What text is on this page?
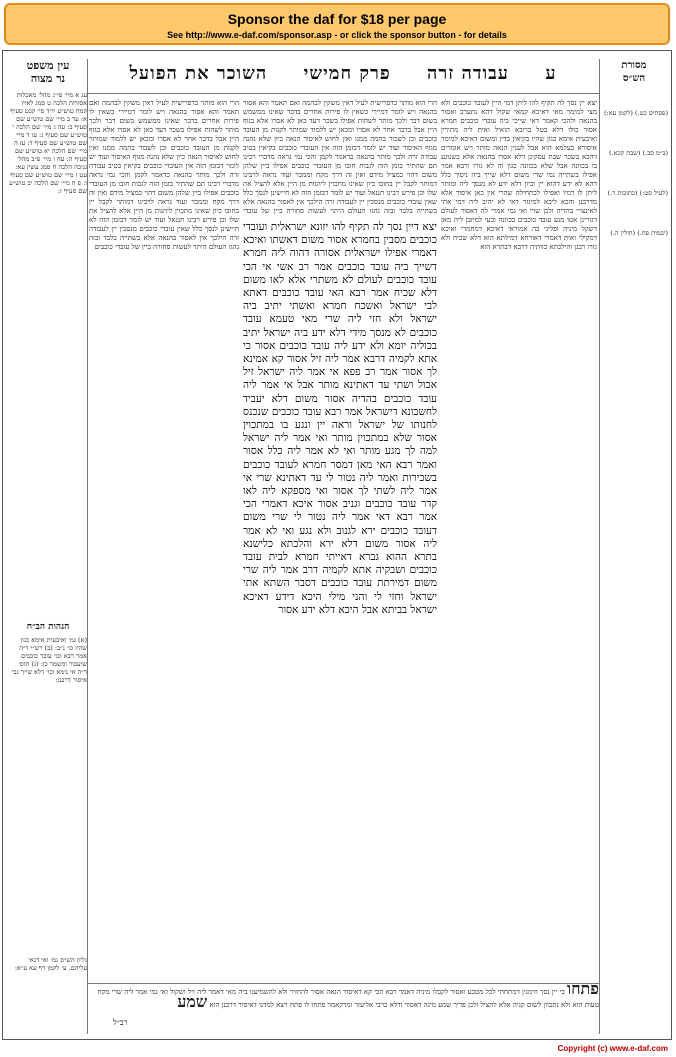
Sponsor the daf for $18 per page
See http://www.e-daf.com/sponsor.asp - or click the sponsor button - for details
עין משפט
נר מצוה
עג א מיי׳ פי״ג מהל׳ מאכלות אסורות הלכה ט סמג לאוין קמח טוש״ע יו״ד סי׳ קכט סעיף א: עד ב מיי׳ שם טוש״ע שם סעיף ב: עה ג מיי׳ שם הלכה י טוש״ע שם סעיף ג: עו ד מיי׳ שם טוש״ע שם סעיף ד: עז ה מיי׳ שם הלכה יא טוש״ע שם סעיף ה: עח ו מיי׳ פ״ב מהל׳ גניבה הלכה ח סמג עשין עא: עט ז מיי׳ שם טוש״ע שם סעיף ו: פ ח מיי׳ שם הלכה יב טוש״ע שם סעיף ז:
הגהות הב״ח
(א) גמ׳ ואיבעית אימא כגון שהיו כו׳ נ״ב: (ב) רש״י ד״ה אמר רבא וכו׳ עובד כוכבים שיעבור ומשמר כן: (ג) תוס׳ ד״ה אי נימא וכו׳ דלא שייך גבי איסור דרבנן:
גליון הש״ס גמ׳ ואי דנאי עליהם. ע׳ לקמן דף עא ע״א:
ע     עבודה זרה     פרק חמישי     השוכר את הפועל
הרי הוא מותר כדפרישית לעיל דאין משקין לבהמה ואם תאמר והא אסור בהנאה ויש לומר דמיירי כשאין לו פירות אחרים בדבר שאינו ממשמש בשום דבר ולכך מותר לשהות אפילו בשכר דעד כאן לא אסרו אלא בגוף היין אבל בדבר אחר לא אסרו ומכאן יש ללמוד שמותר לקנות מן העובד כוכבים וכן לשכור בהמה ממנו ואין לחוש לאיסור הנאה כיון שלא נהנה מגוף האיסור ועוד יש לומר דבזמן הזה אין העובדי כוכבים בקיאין בטיב עבודה זרה ולכך מותר בהנאה כדאמר לקמן והכי נמי נראה מדברי רבינו תם שהתיר בזמן הזה לגבות חובו מן העובדי כוכבים אפילו ביין שלהן משום דהוי כמציל מידם ואין זה דרך מקח וממכר ועוד נראה לרבינו דמותר לקבל יין בחובו כיון שאינו מתכוין ליהנות מן היין אלא להציל את שלו וכן פירש רבינו חננאל ועוד יש לומר דבזמן הזה לא חיישינן לנסך כלל שאין עובדי כוכבים מנסכין יין לעבודה זרה הילכך אין לאסור בהנאה אלא בשתייה בלבד ובזה נהגו העולם היתר לעשות סחורה ביין של עובדי כוכבים
הרי הוא מותר כדפרישית לעיל דאין משקין לבהמה ואם תאמר והא אסור בהנאה ויש לומר דמיירי כשאין לו פירות אחרים בדבר שאינו ממשמש בשום דבר ולכך מותר לשהות אפילו בשכר דעד כאן לא אסרו אלא בגוף היין אבל בדבר אחר לא אסרו ומכאן יש ללמוד שמותר לקנות מן העובד כוכבים וכן לשכור בהמה ממנו ואין לחוש לאיסור הנאה כיון שלא נהנה מגוף האיסור ועוד יש לומר דבזמן הזה אין העובדי כוכבים בקיאין בטיב עבודה זרה ולכך מותר בהנאה כדאמר לקמן והכי נמי נראה מדברי רבינו תם שהתיר בזמן הזה לגבות חובו מן העובדי כוכבים אפילו ביין שלהן משום דהוי כמציל מידם ואין זה דרך מקח וממכר ועוד נראה לרבינו דמותר לקבל יין בחובו כיון שאינו מתכוין ליהנות מן היין אלא להציל את שלו וכן פירש רבינו חננאל ועוד יש לומר דבזמן הזה לא חיישינן לנסך כלל שאין עובדי כוכבים מנסכין יין לעבודה זרה הילכך אין לאסור בהנאה אלא בשתייה בלבד ובזה נהגו העולם היתר לעשות סחורה ביין של עובדי
יצא דיין נסך לה תקיף להו יזונא ישראלית ועובדי כוכבים מסבין בחמרא אסור משום דאשתו ואיכא דאמרי אפילו ישראלית אסורה דהוה ליה חמרא דשייך ביה עובד כוכבים אמר רב אשי אי הכי עובד כוכבים לעולם לא משתרי אלא לאו משום דלא שכיח אמר רבא האי עובד כוכבים דאתא לבי ישראל ואשכח חמרא ואשתי יתיב ביה ישראל ולא חזי ליה שרי מאי טעמא עובד כוכבים לא מנסך מידי דלא ידע ביה ישראל יתיב בכוליה יומא ולא ידע ליה עובד כוכבים אסור כי אתא לקמיה דרבא אמר ליה זיל אסור קא אמינא לך אסור אמר רב פפא אי אמר ליה ישראל זיל אכול ושתי עד דאתינא מותר אבל אי אמר ליה עובד כוכבים בהדיה אסור משום דלא יעביד לחשבונא דישראל אמר רבא עובד כוכבים שנכנס לחנותו של ישראל וראה יין ונגע בו במתכוין אסור שלא במתכוין מותר ואי אמר ליה ישראל למה לך מגע מותר ואי לא אמר ליה כלל אסור ואמר רבא האי מאן דמסר חמרא לעובד כוכבים בשכירות ואמר ליה נטור לי עד דאתינא שרי אי אמר ליה לשתי לך אסור ואי מספקא ליה לאו קדר עובד כוכבים וגניב אסור איכא דאמרי הכי אמר רבא דאי אמר ליה נטור לי שרי משום דעובד כוכבים ירא לגנוב ולא נגע ואי לא אמר ליה אסור משום דלא ירא והלכתא כלישנא בתרא ההוא גברא דאייתי חמרא לבית עובד כוכבים ושבקיה אתא לקמיה דרב אמר ליה שרי משום דמירתת עובד כוכבים דסבר השתא אתי ישראל וחזי לי והני מילי היכא דידע דאיכא ישראל בביתא אבל היכא דלא ידע אסור
יצא יין נסך לה תקיף להו ליתן דמי היין לעובד כוכבים ולא מצי למימר מאי דאיכא קמאי שקול דהא נתערב ואסור בהנאה ולהכי קאמר דאי שייכי ביה עובדי כוכבים חמרא אסור כולו דלא בטל ברובא הואיל ואית ליה מתירין ואיבעית אימא כגון שהיו בקיאין בדין ומשום דאיכא למימר איסורא בעלמא הוא אבל לענין הנאה מותר ויש אומרים דהכא בשכר שבת עסקינן דלא אסרו בהנאה אלא כשנוגע בו בכוונה אבל שלא בכוונה כגון זה לא גזרו ורבא אמר אפילו בשתייה נמי שרי משום דלא שייך ביה ניסוך כלל דהא לא ידע דהוא יין וכיון דלא ידע לא מנסך ליה ומותר ליתן לו דמיו ואפילו לכתחילה שהרי אין כאן איסור אלא מדרבנן והכא ליכא למיגזר דאי לא יהיב ליה דמי אתי לאינצויי בהדיה ולכן שרי ואי נמי אמרי לה דאסור לעולם דגזרינן אטו מגע עובד כוכבים בכוונה ובעי למיזבן ליה מאן דשקל מיניה ופליגי בה אמוראי דאיכא דמחמרי ואיכא דמקילי ואית דאמרי דאורחא דמילתא הוא דלא שכיח ולא גזרו רבנן והילכתא כוותיה דרבא דבתרא הוא
מסורת
הש״ס
(פסחים כט.) (לקמן עא:) (ב״מ סב.) (שבת קכא.) (לעיל סט:) (כתובות ד.) (יבמות פח.) (חולין ה.)
פתחו בי יין נסך וזימנין דמתחתי לכל מטבע ואסור לקבלו מיניה דאמר רבא הכי קא דאיסור הנאה אסור להחזיר ולא להשמיענו ביה מאי דאמר ליה זיל ושקול ואי נמי אמר ליה שרי מקח טעות הוא ולא נתכוון לשום קניה אלא להציל ולכן פריך שמע מינה דאסור ודלא כרבי אליעזר ומדקאמר פתחו לו פתח ויצא למדנו דאיסור דרבנן הוא שמע
רב״ל
Copyright (c) www.e-daf.com
